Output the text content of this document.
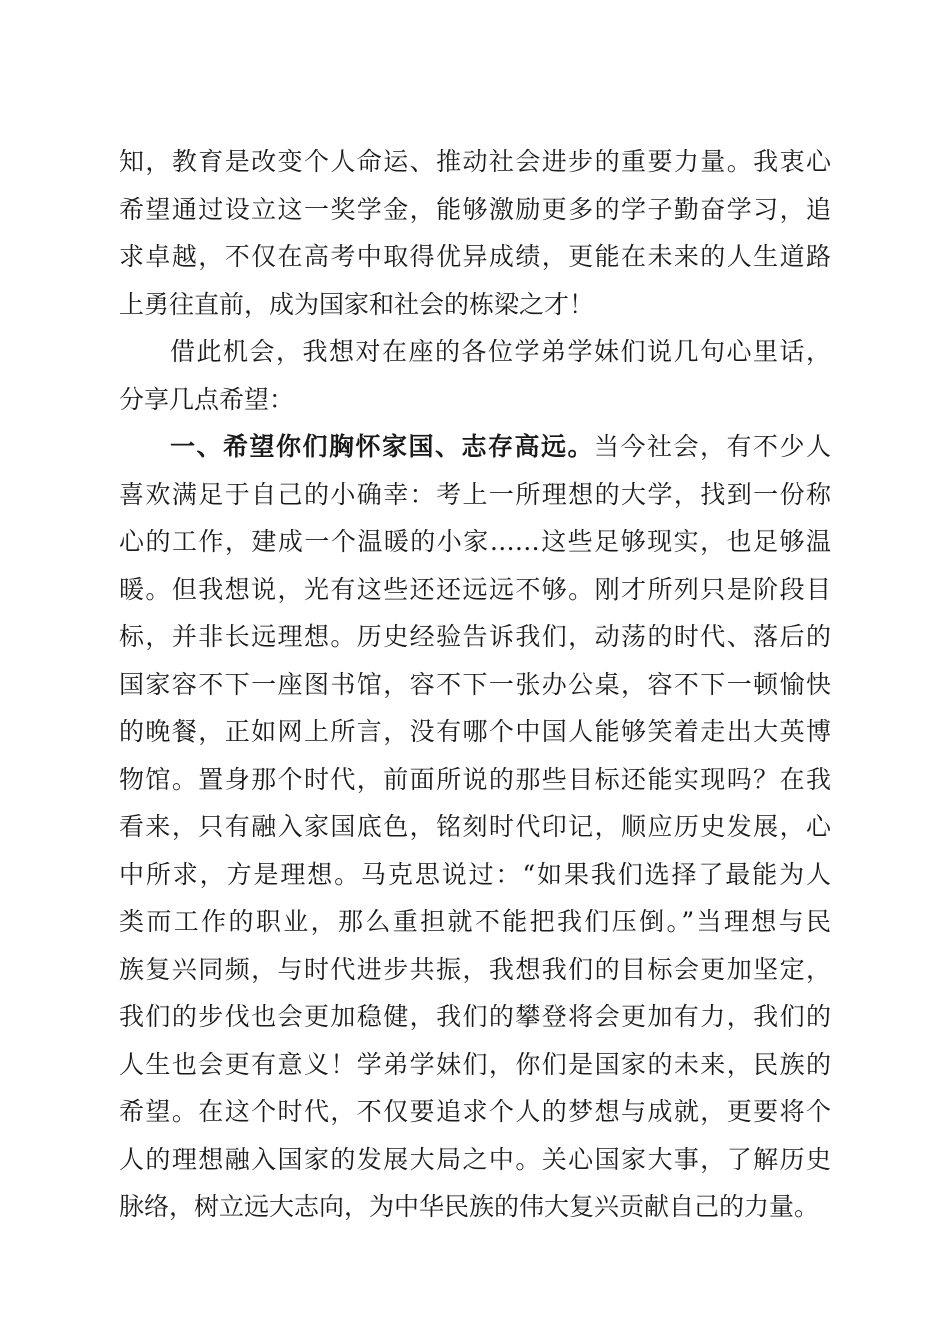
知，教育是改变个人命运、推动社会进步的重要力量。我衷心
希望通过设立这一奖学金，能够激励更多的学子勤奋学习，追
求卓越，不仅在高考中取得优异成绩，更能在未来的人生道路
上勇往直前，成为国家和社会的栋梁之才！
借此机会，我想对在座的各位学弟学妹们说几句心里话，
分享几点希望：
一、希望你们胸怀家国、志存高远。当今社会，有不少人
喜欢满足于自己的小确幸：考上一所理想的大学，找到一份称
心的工作，建成一个温暖的小家……这些足够现实，也足够温
暖。但我想说，光有这些还还远远不够。刚才所列只是阶段目
标，并非长远理想。历史经验告诉我们，动荡的时代、落后的
国家容不下一座图书馆，容不下一张办公桌，容不下一顿愉快
的晚餐，正如网上所言，没有哪个中国人能够笑着走出大英博
物馆。置身那个时代，前面所说的那些目标还能实现吗？在我
看来，只有融入家国底色，铭刻时代印记，顺应历史发展，心
中所求，方是理想。马克思说过：“如果我们选择了最能为人
类而工作的职业，那么重担就不能把我们压倒。”当理想与民
族复兴同频，与时代进步共振，我想我们的目标会更加坚定，
我们的步伐也会更加稳健，我们的攀登将会更加有力，我们的
人生也会更有意义！学弟学妹们，你们是国家的未来，民族的
希望。在这个时代，不仅要追求个人的梦想与成就，更要将个
人的理想融入国家的发展大局之中。关心国家大事，了解历史
脉络，树立远大志向，为中华民族的伟大复兴贡献自己的力量。
